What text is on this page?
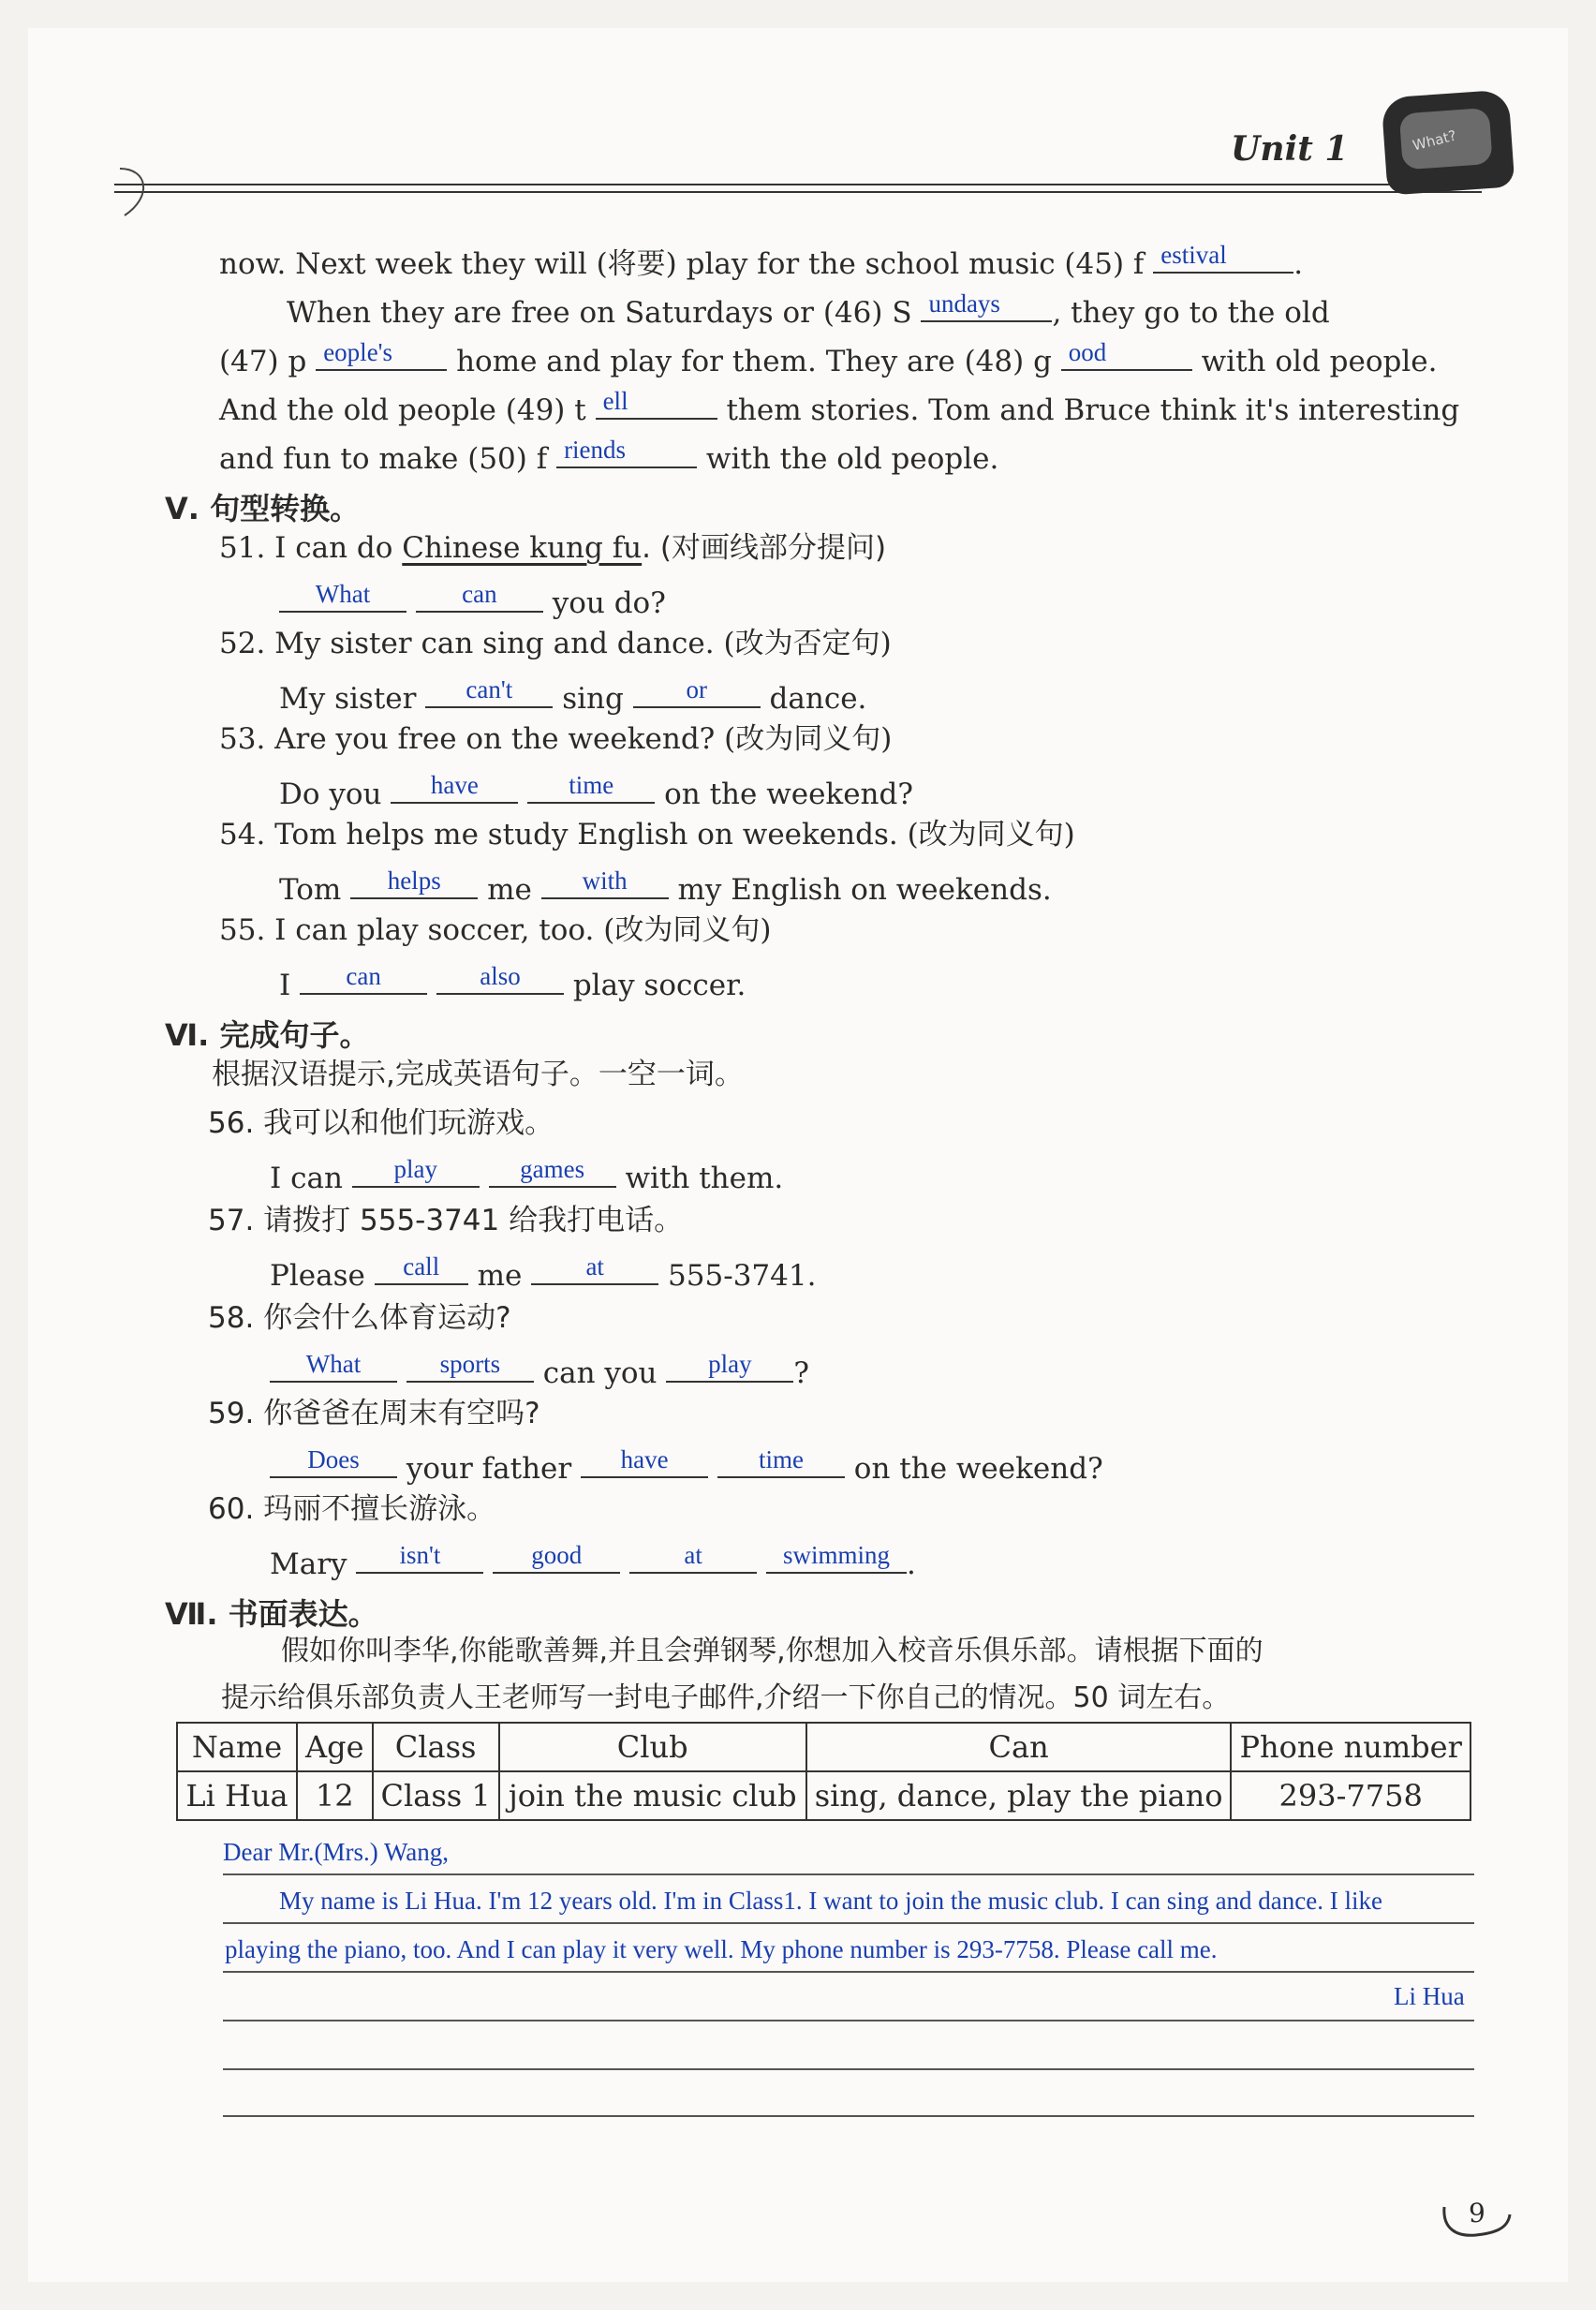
Unit 1	What?
now. Next week they will (将要) play for the school music (45) f estival .
When they are free on Saturdays or (46) S undays , they go to the old
(47) p eople's home and play for them. They are (48) g ood	with old people.
And the old people (49) t ell	them stories. Tom and Bruce think it's interesting
and fun to make (50) f riends	with the old people.
Ⅴ. 句型转换。
51. I can do Chinese kung fu. (对画线部分提问)
What
	can	you do?
52. My sister can sing and dance. (改为否定句)
My sister	can't	sing	or	dance.
53. Are you free on the weekend? (改为同义句)
Do you	have
	time	on the weekend?
54. Tom helps me study English on weekends. (改为同义句)
Tom	helps	me	with	my English on weekends.
55. I can play soccer, too. (改为同义句)
I	can
	also	play soccer.
Ⅵ. 完成句子。
根据汉语提示,完成英语句子。一空一词。
56. 我可以和他们玩游戏。
I can	play
	games	with them.
57. 请拨打 555-3741 给我打电话。
Please	call	me	at	555-3741.
58. 你会什么体育运动?
What
	sports	can you	play	?
59. 你爸爸在周末有空吗?
Does	your father	have
	time	on the weekend?
60. 玛丽不擅长游泳。
Mary	isn't
	good
	at
	swimming .
Ⅶ. 书面表达。
假如你叫李华,你能歌善舞,并且会弹钢琴,你想加入校音乐俱乐部。请根据下面的
提示给俱乐部负责人王老师写一封电子邮件,介绍一下你自己的情况。50 词左右。
Name	Age	Class	Club	Can	Phone number
Li Hua	12	Class 1	join the music club	sing, dance, play the piano	293-7758
Dear Mr.(Mrs.) Wang,
My name is Li Hua. I'm 12 years old. I'm in Class1. I want to join the music club. I can sing and dance. I like
playing the piano, too. And I can play it very well. My phone number is 293-7758. Please call me.
Li Hua
9
